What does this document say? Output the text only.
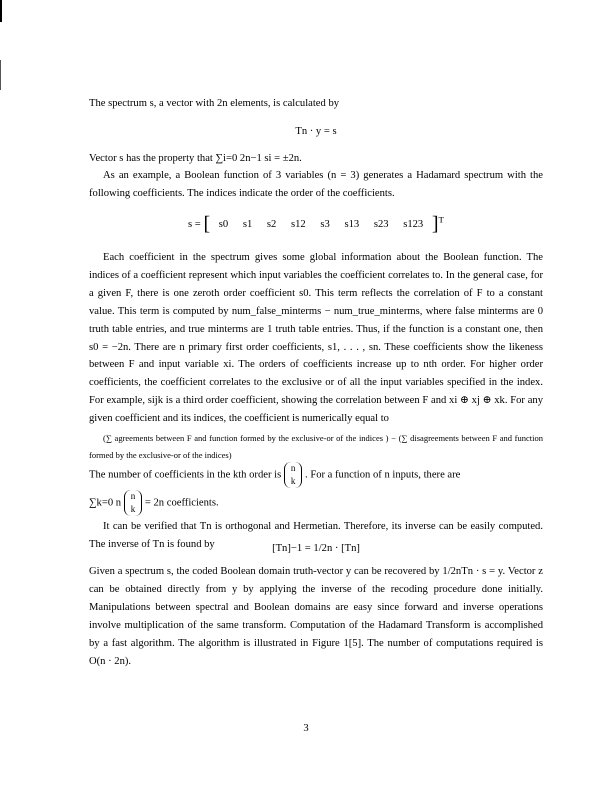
The spectrum s, a vector with 2n elements, is calculated by

Tn · y = s

Vector s has the property that ∑i=0 2n−1 si = ±2n.

As an example, a Boolean function of 3 variables (n = 3) generates a Hadamard spectrum with the following coefficients. The indices indicate the order of the coefficients.

s = [ s0 s1 s2 s12 s3 s13 s23 s123 ]$^T$

Each coefficient in the spectrum gives some global information about the Boolean function. The indices of a coefficient represent which input variables the coefficient correlates to. In the general case, for a given F, there is one zeroth order coefficient s0. This term reflects the correlation of F to a constant value. This term is computed by num_false_minterms − num_true_minterms, where false minterms are 0 truth table entries, and true minterms are 1 truth table entries. Thus, if the function is a constant one, then s0 = −2n. There are n primary first order coefficients, s1, . . . , sn. These coefficients show the likeness between F and input variable xi. The orders of coefficients increase up to nth order. For higher order coefficients, the coefficient correlates to the exclusive or of all the input variables specified in the index. For example, sijk is a third order coefficient, showing the correlation between F and xi ⊕ xj ⊕ xk. For any given coefficient and its indices, the coefficient is numerically equal to

(∑ agreements between F and function formed by the exclusive-or of the indices ) − (∑ disagreements between F and function formed by the exclusive-or of the indices)

The number of coefficients in the kth order is n
k . For a function of n inputs, there are
∑k=0 n n
k = 2n coefficients.

It can be verified that Tn is orthogonal and Hermetian. Therefore, its inverse can be easily computed. The inverse of Tn is found by	[Tn]−1 = 1/2n · [Tn]

Given a spectrum s, the coded Boolean domain truth-vector y can be recovered by 1/2nTn · s = y. Vector z can be obtained directly from y by applying the inverse of the recoding procedure done initially. Manipulations between spectral and Boolean domains are easy since forward and inverse operations involve multiplication of the same transform. Computation of the Hadamard Transform is accomplished by a fast algorithm. The algorithm is illustrated in Figure 1[5]. The number of computations required is O(n · 2n).

3
